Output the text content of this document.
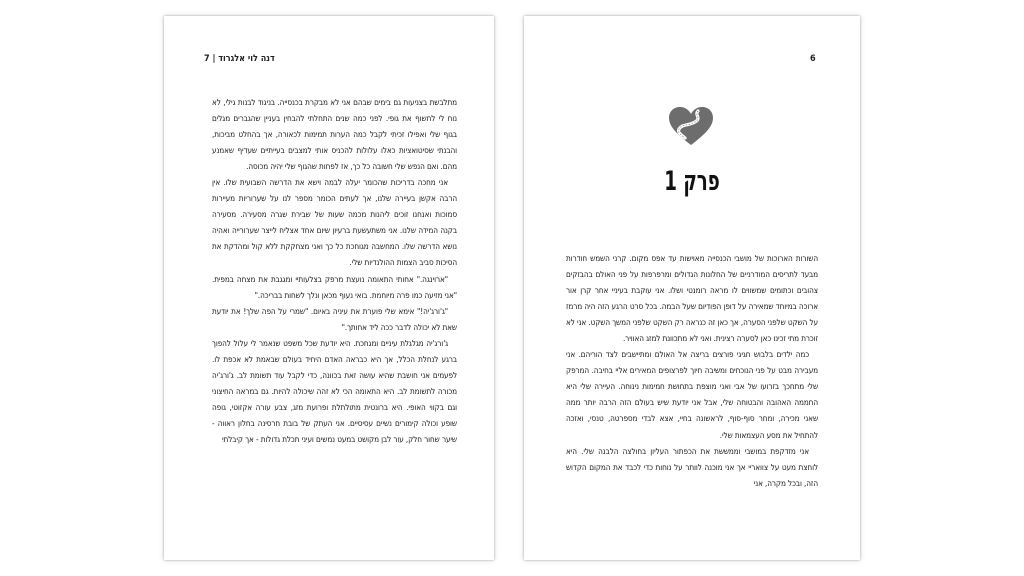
דנה לוי אלגרוד | 7

מתלבשת בצניעות גם בימים שבהם אני לא מבקרת בכנסייה. בניגוד לבנות גילי, לא נוח לי לחשוף את גופי. לפני כמה שנים התחלתי להבחין בעניין שהגברים מגלים בגוף שלי ואפילו זכיתי לקבל כמה הערות תמימות לכאורה, אך בהחלט מביכות, והבנתי שסיטואציות כאלו עלולות להכניס אותי למצבים בעייתיים שעדיף שאמנע מהם. ואם הנפש שלי חשובה כל כך, אז לפחות שהגוף שלי יהיה מכוסה.

אני מחכה בדריכות שהכומר יעלה לבמה וישא את הדרשה השבועית שלו. אין הרבה אקשן בעיירה שלנו, אך לעתים הכומר מספר לנו על שערוריות מעיירות סמוכות ואנחנו זוכים ליהנות מכמה שעות של שבירת שגרה מסעירה. מסעירה בקנה המידה שלנו. אני משתעשעת ברעיון שיום אחד אצליח לייצר שערורייה ואהיה נושא הדרשה שלו. המחשבה מגוחכת כל כך ואני מצחקקת ללא קול ומהדקת את הסיכות סביב הצמות ההולנדיות שלי.

"ארוינגה." אחותי התאומה נועצת מרפק בצלעותיי ומגגבת את מצחה במפית. "אני מזיעה כמו פרה מיוחמת. בואי נעוף מכאן ונלך לשחות בבריכה."

"ג'ורג'יה!" אימא שלי פוערת את עיניה באיום. "שמרי על הפה שלך! את יודעת שאת לא יכולה לדבר ככה ליד אחותך."

ג'ורג'יה מגלגלת עיניים ומגחכת. היא יודעת שכל משפט שנאמר לי עלול להפוך ברגע לנחלת הכלל, אך היא כבראה האדם היחיד בעולם שבאמת לא אכפת לו. לפעמים אני חושבת שהיא עושה זאת בכוונה, כדי לקבל עוד תשומת לב. ג'ורג'יה מכורה לתשומת לב. היא התאומה הכי לא זהה שיכולה להיות. גם במראה החיצוני וגם בקווי האופי. היא ברונטית מתולתלת ופרועת מזג, צבע עורה אקזוטי, גופה שופע וכולה קימורים נשיים עסיסיים. אני העתק של בובת חרסינה בחלון ראווה - שיער שחור חלק, עור לבן מקושט במעט נמשים ועיני תכלת גדולות - אך קיבלתי

6
פרק 1

השורות הארוכות של מושבי הכנסייה מאוישות עד אפס מקום. קרני השמש חודרות מבעד לתריסים המודרניים של החלונות הגדולים ומרפרפות על פני האולם בהבזקים צהובים וכתומים שמשווים לו מראה רומנטי ושלו. אני עוקבת בעיניי אחר קרן אור ארוכה במיוחד שמאירה על דופן הפודיום שעל הבמה. בכל סרט הרגע הזה היה מרמז על השקט שלפני הסערה, אך כאן זה כנראה רק השקט שלפני המשך השקט. אני לא זוכרת מתי זכינו כאן לסערה רצינית. ואני לא מתכוונת למזג האוויר.

כמה ילדים בלבוש חגיגי פורצים בריצה אל האולם ומתיישבים לצד הוריהם. אני מעבירה מבט על פני הנוכחים ומשיבה חיוך לפרצופים המאירים אליי בחיבה. המרפק שלי מתחכך בזרועו של אבי ואני מוצפת בתחושת חמימות נינוחה. העיירה שלי היא החממה האהובה והבטוחה שלי, אבל אני יודעת שיש בעולם הזה הרבה יותר ממה שאני מכירה, ומחר סוף-סוף, לראשונה בחיי, אצא לבדי מספרטה, טנסי, ואזכה להתחיל את מסע העצמאות שלי.

אני מזדקפת במושבי וממששת את הכפתור העליון בחולצה הלבנה שלי. היא לוחצת מעט על צוואריי אך אני מוכנה לוותר על נוחות כדי לכבד את המקום הקדוש הזה, ובכל מקרה, אני
